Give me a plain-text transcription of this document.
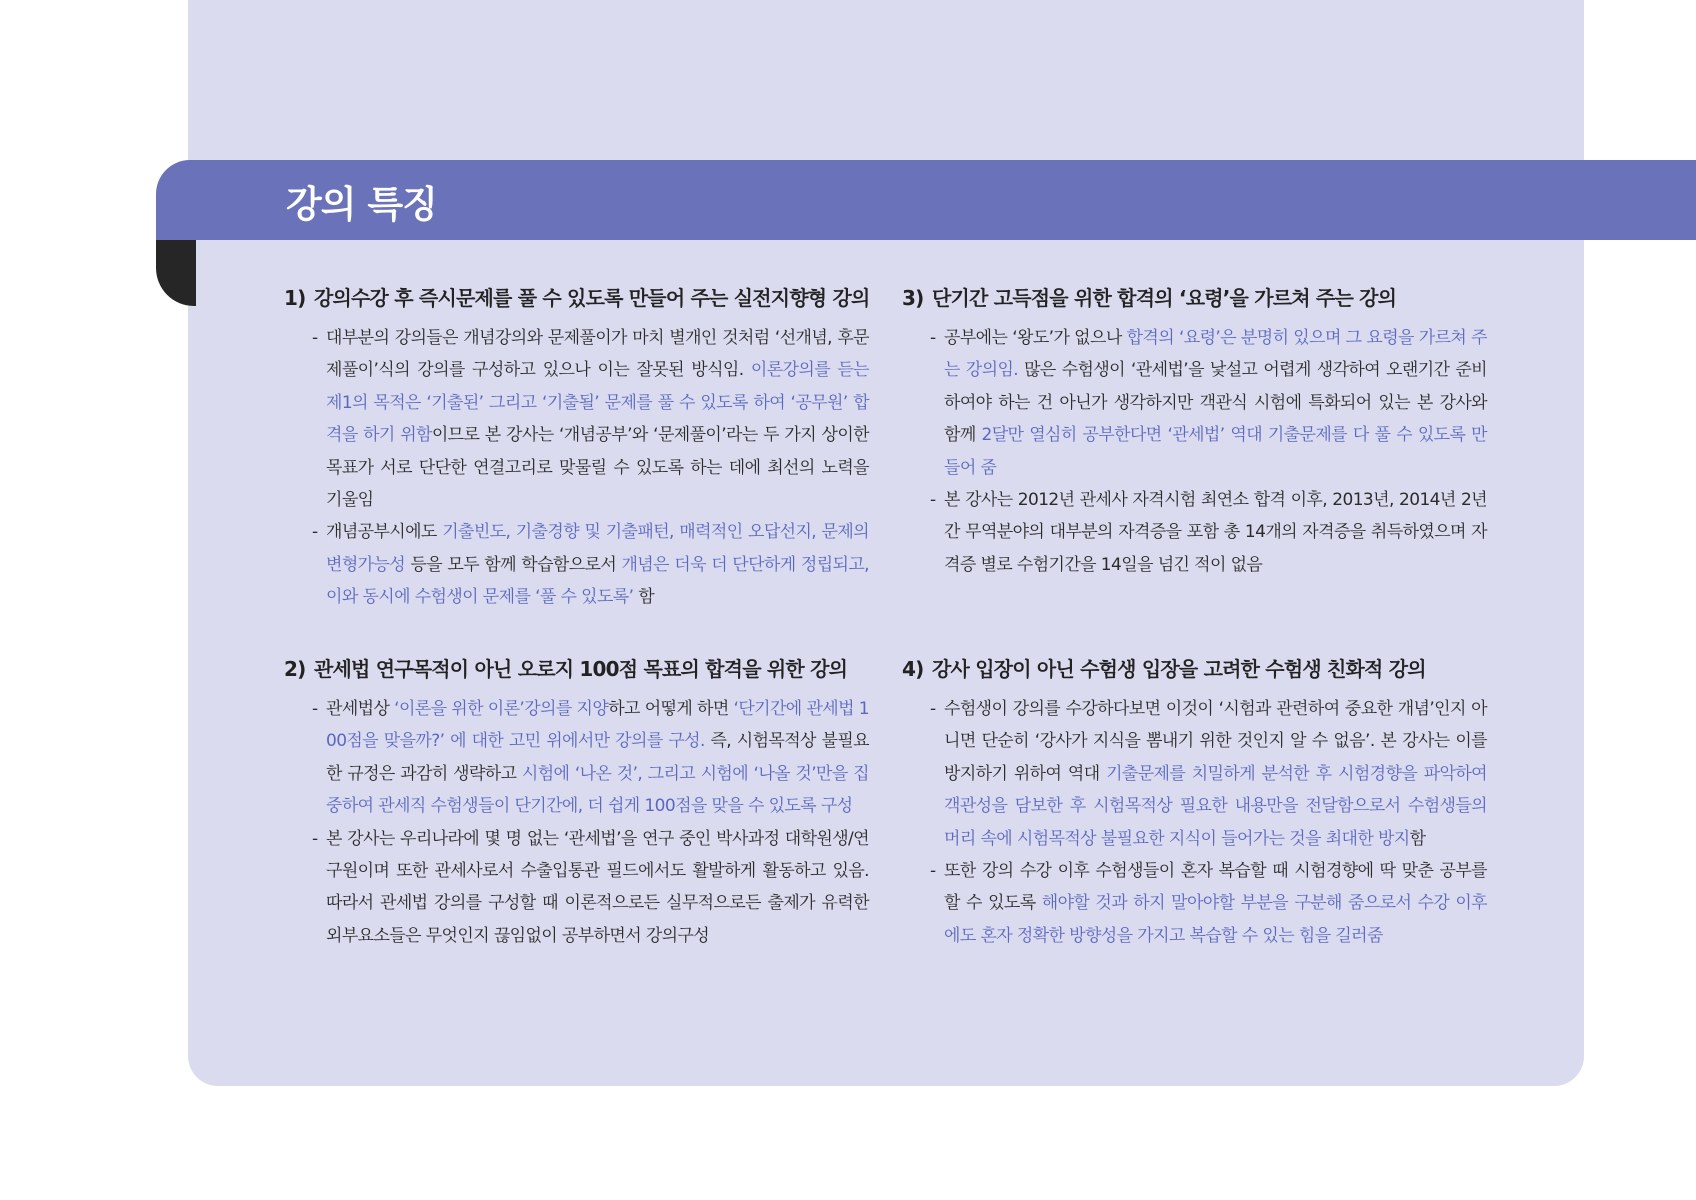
강의 특징
1) 강의수강 후 즉시문제를 풀 수 있도록 만들어 주는 실전지향형 강의
- 대부분의 강의들은 개념강의와 문제풀이가 마치 별개인 것처럼 ‘선개념, 후문제풀이’식의 강의를 구성하고 있으나 이는 잘못된 방식임. 이론강의를 듣는 제1의 목적은 ‘기출된’ 그리고 ‘기출될’ 문제를 풀 수 있도록 하여 ‘공무원’ 합격을 하기 위함이므로 본 강사는 ‘개념공부’와 ‘문제풀이’라는 두 가지 상이한 목표가 서로 단단한 연결고리로 맞물릴 수 있도록 하는 데에 최선의 노력을 기울임
- 개념공부시에도 기출빈도, 기출경향 및 기출패턴, 매력적인 오답선지, 문제의 변형가능성 등을 모두 함께 학습함으로서 개념은 더욱 더 단단하게 정립되고, 이와 동시에 수험생이 문제를 ‘풀 수 있도록’ 함
2) 관세법 연구목적이 아닌 오로지 100점 목표의 합격을 위한 강의
- 관세법상 ‘이론을 위한 이론’강의를 지양하고 어떻게 하면 ‘단기간에 관세법 100점을 맞을까?’ 에 대한 고민 위에서만 강의를 구성. 즉, 시험목적상 불필요한 규정은 과감히 생략하고 시험에 ‘나온 것’, 그리고 시험에 ‘나올 것’만을 집중하여 관세직 수험생들이 단기간에, 더 쉽게 100점을 맞을 수 있도록 구성
- 본 강사는 우리나라에 몇 명 없는 ‘관세법’을 연구 중인 박사과정 대학원생/연구원이며 또한 관세사로서 수출입통관 필드에서도 활발하게 활동하고 있음. 따라서 관세법 강의를 구성할 때 이론적으로든 실무적으로든 출제가 유력한 외부요소들은 무엇인지 끊임없이 공부하면서 강의구성
3) 단기간 고득점을 위한 합격의 ‘요령’을 가르쳐 주는 강의
- 공부에는 ‘왕도’가 없으나 합격의 ‘요령’은 분명히 있으며 그 요령을 가르쳐 주는 강의임. 많은 수험생이 ‘관세법’을 낯설고 어렵게 생각하여 오랜기간 준비하여야 하는 건 아닌가 생각하지만 객관식 시험에 특화되어 있는 본 강사와 함께 2달만 열심히 공부한다면 ‘관세법’ 역대 기출문제를 다 풀 수 있도록 만들어 줌
- 본 강사는 2012년 관세사 자격시험 최연소 합격 이후, 2013년, 2014년 2년간 무역분야의 대부분의 자격증을 포함 총 14개의 자격증을 취득하였으며 자격증 별로 수험기간을 14일을 넘긴 적이 없음
4) 강사 입장이 아닌 수험생 입장을 고려한 수험생 친화적 강의
- 수험생이 강의를 수강하다보면 이것이 ‘시험과 관련하여 중요한 개념’인지 아니면 단순히 ‘강사가 지식을 뽐내기 위한 것인지 알 수 없음’. 본 강사는 이를 방지하기 위하여 역대 기출문제를 치밀하게 분석한 후 시험경향을 파악하여 객관성을 담보한 후 시험목적상 필요한 내용만을 전달함으로서 수험생들의 머리 속에 시험목적상 불필요한 지식이 들어가는 것을 최대한 방지함
- 또한 강의 수강 이후 수험생들이 혼자 복습할 때 시험경향에 딱 맞춘 공부를 할 수 있도록 해야할 것과 하지 말아야할 부분을 구분해 줌으로서 수강 이후에도 혼자 정확한 방향성을 가지고 복습할 수 있는 힘을 길러줌
